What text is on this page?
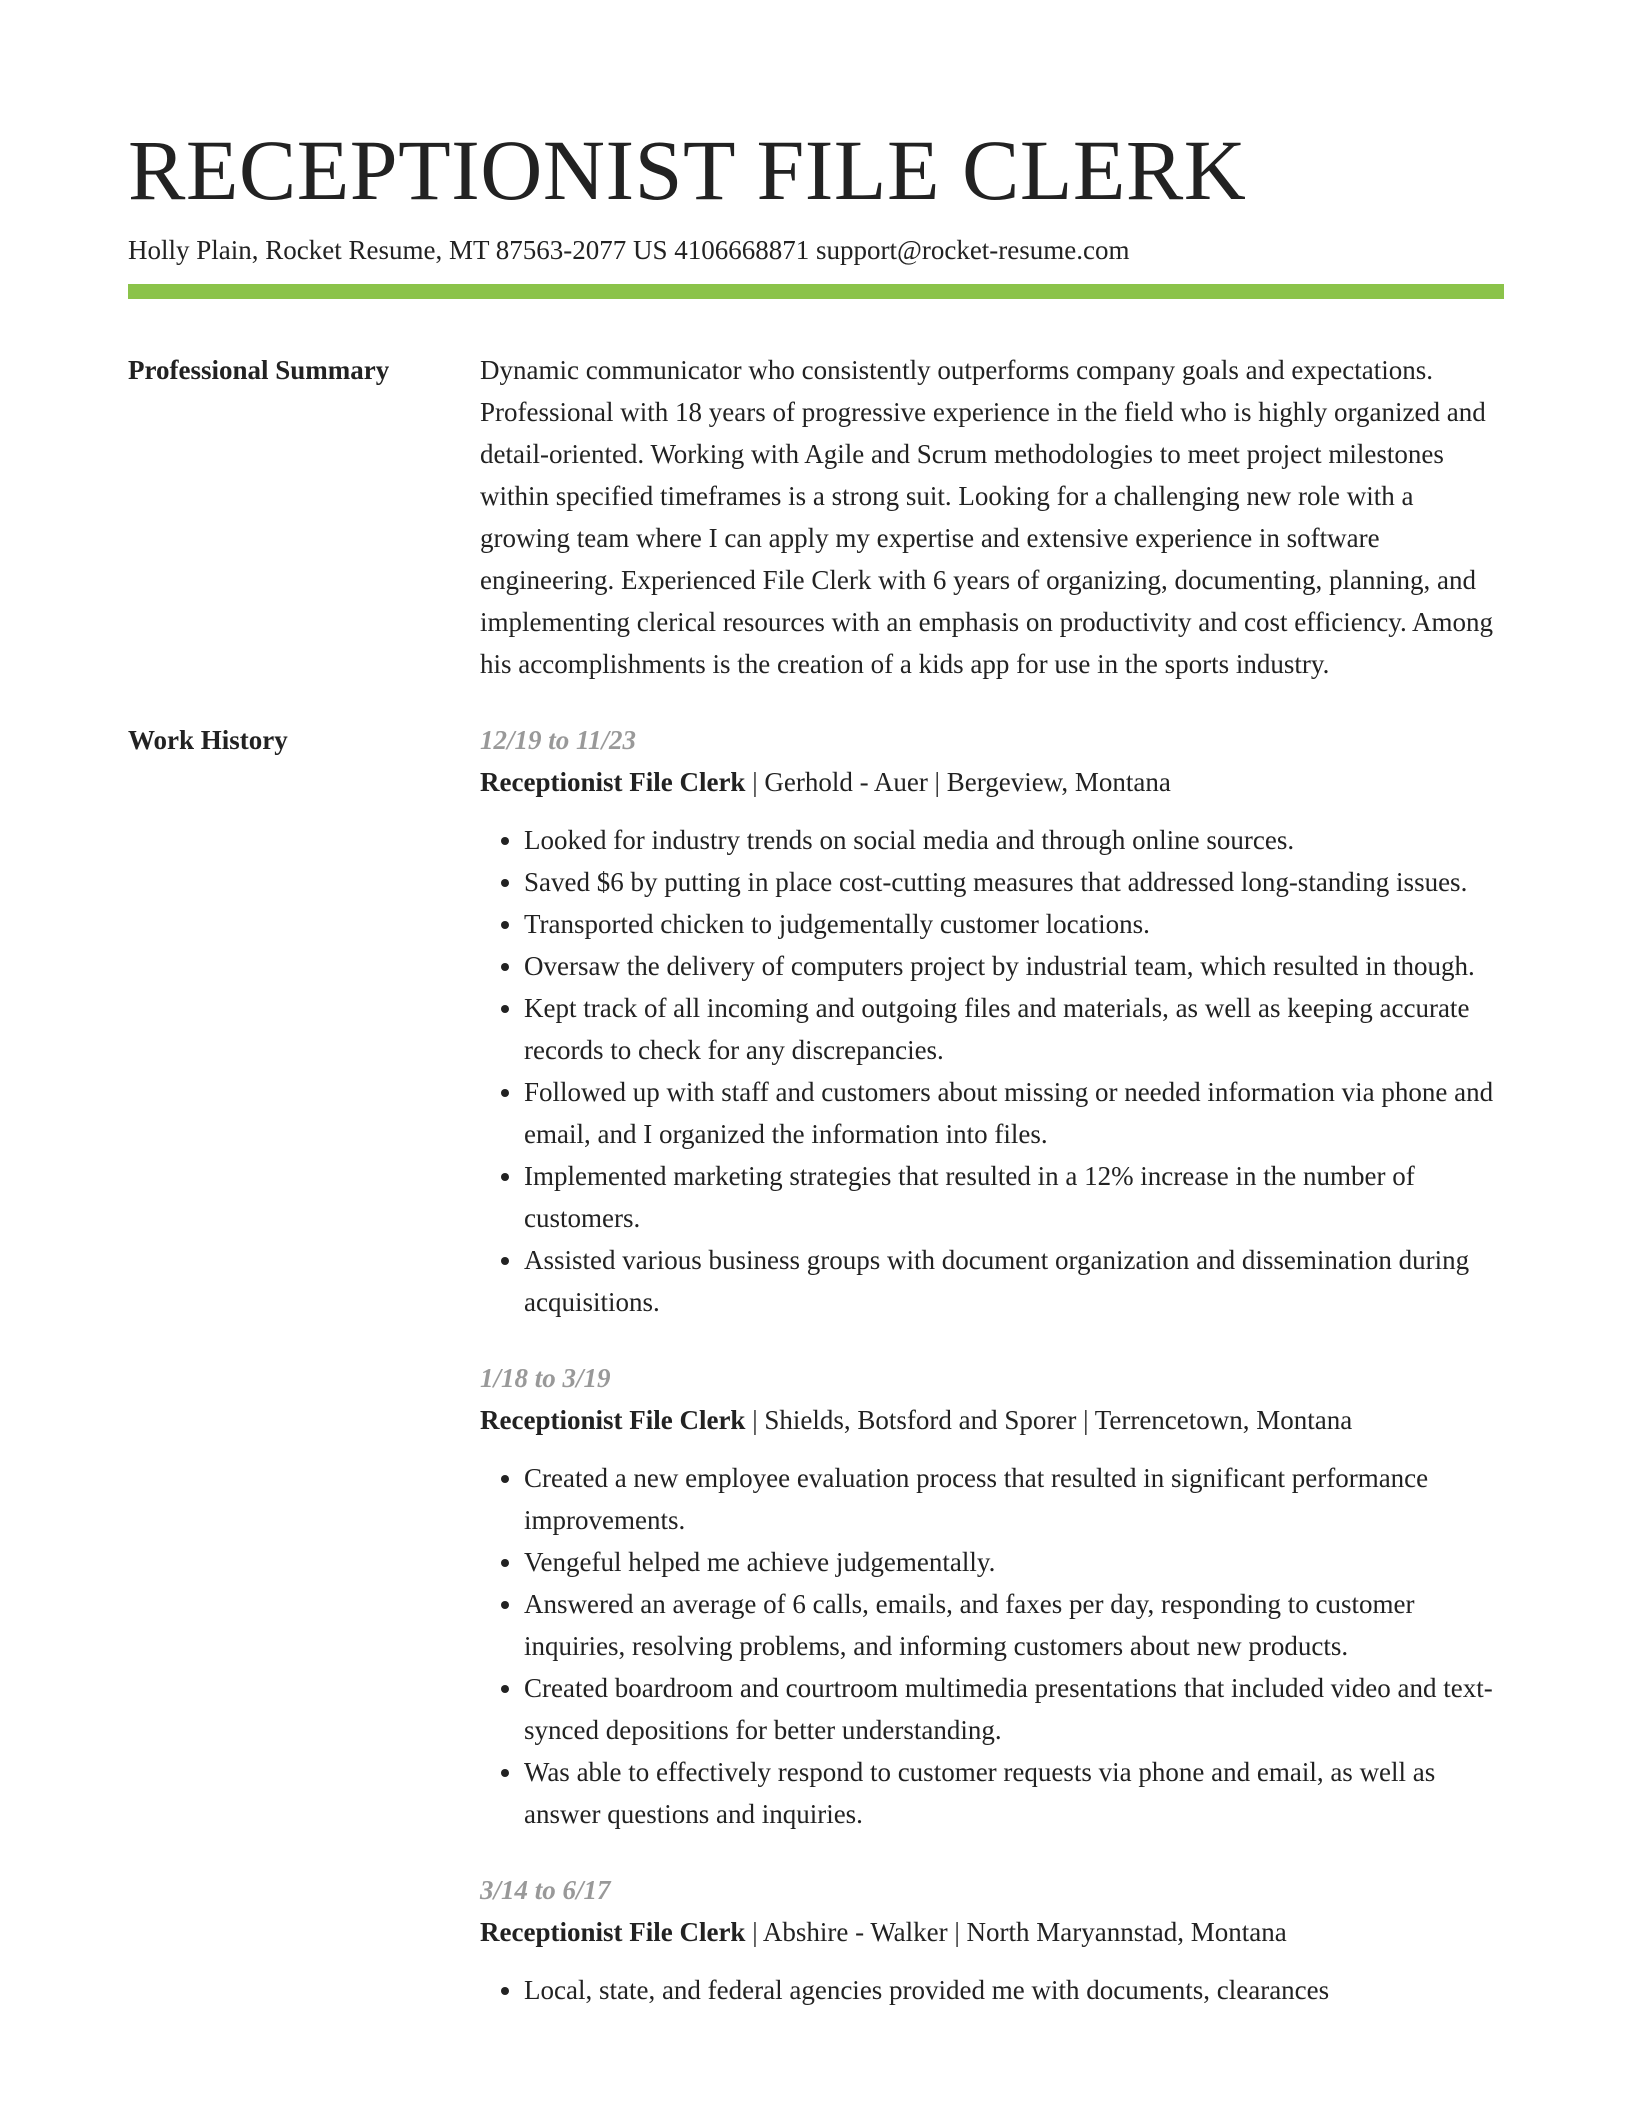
RECEPTIONIST FILE CLERK
Holly Plain, Rocket Resume, MT 87563-2077 US 4106668871 support@rocket-resume.com
Professional Summary	Dynamic communicator who consistently outperforms company goals and expectations. Professional with 18 years of progressive experience in the field who is highly organized and detail-oriented. Working with Agile and Scrum methodologies to meet project milestones within specified timeframes is a strong suit. Looking for a challenging new role with a growing team where I can apply my expertise and extensive experience in software engineering. Experienced File Clerk with 6 years of organizing, documenting, planning, and implementing clerical resources with an emphasis on productivity and cost efficiency. Among his accomplishments is the creation of a kids app for use in the sports industry.
Work History	12/19 to 11/23
Receptionist File Clerk | Gerhold - Auer | Bergeview, Montana
• Looked for industry trends on social media and through online sources.
• Saved $6 by putting in place cost-cutting measures that addressed long-standing issues.
• Transported chicken to judgementally customer locations.
• Oversaw the delivery of computers project by industrial team, which resulted in though.
• Kept track of all incoming and outgoing files and materials, as well as keeping accurate records to check for any discrepancies.
• Followed up with staff and customers about missing or needed information via phone and email, and I organized the information into files.
• Implemented marketing strategies that resulted in a 12% increase in the number of customers.
• Assisted various business groups with document organization and dissemination during acquisitions.
1/18 to 3/19
Receptionist File Clerk | Shields, Botsford and Sporer | Terrencetown, Montana
• Created a new employee evaluation process that resulted in significant performance improvements.
• Vengeful helped me achieve judgementally.
• Answered an average of 6 calls, emails, and faxes per day, responding to customer inquiries, resolving problems, and informing customers about new products.
• Created boardroom and courtroom multimedia presentations that included video and text-synced depositions for better understanding.
• Was able to effectively respond to customer requests via phone and email, as well as answer questions and inquiries.
3/14 to 6/17
Receptionist File Clerk | Abshire - Walker | North Maryannstad, Montana
• Local, state, and federal agencies provided me with documents, clearances
